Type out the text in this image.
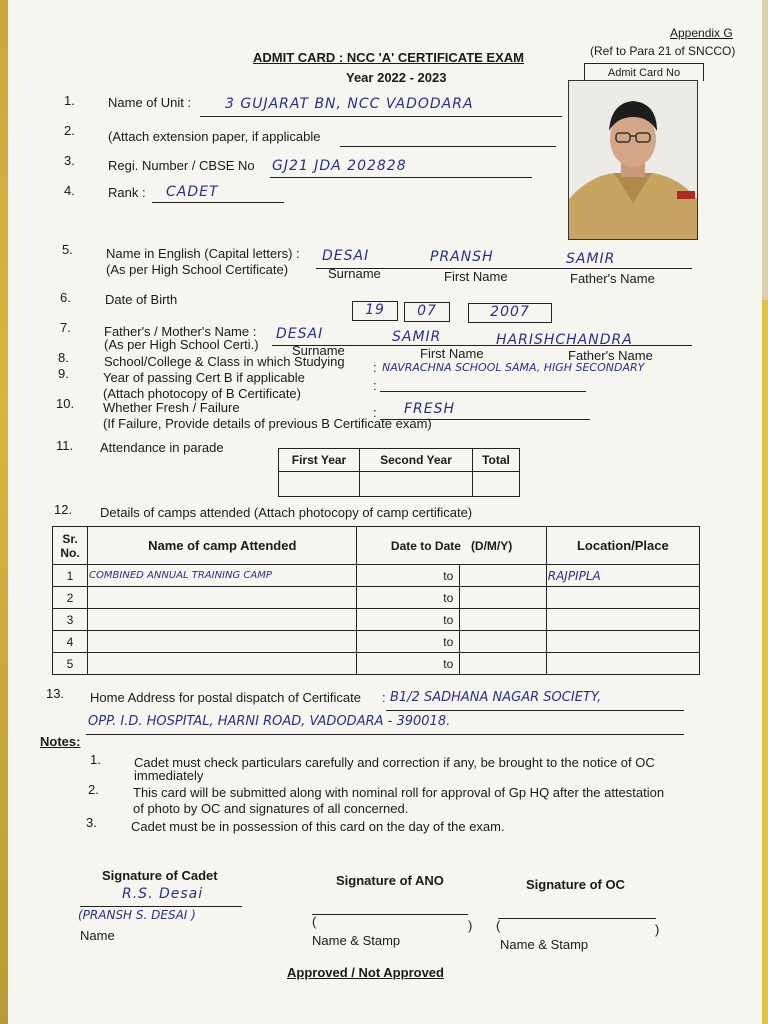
Appendix G
(Ref to Para 21 of SNCCO)
Admit Card No
ADMIT CARD : NCC 'A' CERTIFICATE EXAM
Year 2022 - 2023
1.	Name of Unit : 3 GUJARAT BN, NCC VADODARA
2.	(Attach extension paper, if applicable
3.	Regi. Number / CBSE No GJ21 JDA 202828
4.	Rank : CADET
5.	Name in English (Capital letters) :
(As per High School Certificate)
DESAI	PRANSH	SAMIR
Surname	First Name	Father's Name
6.	Date of Birth
19	07	2007
7.	Father's / Mother's Name :
(As per High School Certi.)
DESAI	SAMIR	HARISHCHANDRA
Surname	First Name	Father's Name
8.	School/College & Class in which Studying : NAVRACHNA SCHOOL SAMA, HIGH SECONDARY
9.	Year of passing Cert B if applicable
(Attach photocopy of B Certificate)
:
10. Whether Fresh / Failure
(If Failure, Provide details of previous B Certificate exam)
: FRESH
11. Attendance in parade
First Year	Second Year	Total

12. Details of camps attended (Attach photocopy of camp certificate)
Sr.
No.	Name of camp Attended	Date to Date   (D/M/Y)		Location/Place
1	COMBINED ANNUAL TRAINING CAMP	to		RAJPIPLA
2		to		
3		to		
4		to		
5		to		
13. Home Address for postal dispatch of Certificate : B1/2 SADHANA NAGAR SOCIETY,
OPP. I.D. HOSPITAL, HARNI ROAD, VADODARA - 390018.
Notes:
1.	Cadet must check particulars carefully and correction if any, be brought to the notice of OC
immediately
2.	This card will be submitted along with nominal roll for approval of Gp HQ after the attestation
of photo by OC and signatures of all concerned.
3.	Cadet must be in possession of this card on the day of the exam.
Signature of Cadet
R.S. Desai
(PRANSH S. DESAI )
Name
Signature of ANO
(	)
Name & Stamp
Signature of OC
(	)
Name & Stamp
Approved / Not Approved
